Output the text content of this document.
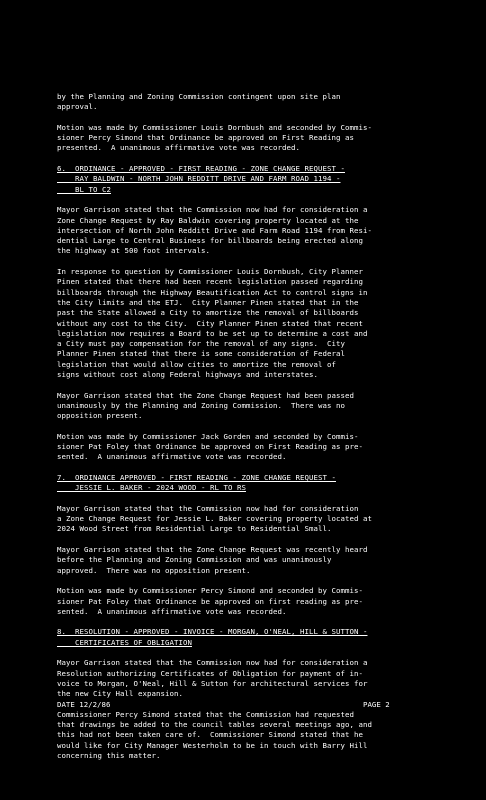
by the Planning and Zoning Commission contingent upon site plan
approval.
Motion was made by Commissioner Louis Dornbush and seconded by Commis-
sioner Percy Simond that Ordinance be approved on First Reading as
presented.  A unanimous affirmative vote was recorded.
6.  ORDINANCE - APPROVED - FIRST READING - ZONE CHANGE REQUEST -
RAY BALDWIN - NORTH JOHN REDDITT DRIVE AND FARM ROAD 1194 -
BL TO C2
Mayor Garrison stated that the Commission now had for consideration a
Zone Change Request by Ray Baldwin covering property located at the
intersection of North John Redditt Drive and Farm Road 1194 from Resi-
dential Large to Central Business for billboards being erected along
the highway at 500 foot intervals.
In response to question by Commissioner Louis Dornbush, City Planner
Pinen stated that there had been recent legislation passed regarding
billboards through the Highway Beautification Act to control signs in
the City limits and the ETJ.  City Planner Pinen stated that in the
past the State allowed a City to amortize the removal of billboards
without any cost to the City.  City Planner Pinen stated that recent
legislation now requires a Board to be set up to determine a cost and
a City must pay compensation for the removal of any signs.  City
Planner Pinen stated that there is some consideration of Federal
legislation that would allow cities to amortize the removal of
signs without cost along Federal highways and interstates.
Mayor Garrison stated that the Zone Change Request had been passed
unanimously by the Planning and Zoning Commission.  There was no
opposition present.
Motion was made by Commissioner Jack Gorden and seconded by Commis-
sioner Pat Foley that Ordinance be approved on First Reading as pre-
sented.  A unanimous affirmative vote was recorded.
7.  ORDINANCE APPROVED - FIRST READING - ZONE CHANGE REQUEST -
JESSIE L. BAKER - 2024 WOOD - RL TO RS
Mayor Garrison stated that the Commission now had for consideration
a Zone Change Request for Jessie L. Baker covering property located at
2024 Wood Street from Residential Large to Residential Small.
Mayor Garrison stated that the Zone Change Request was recently heard
before the Planning and Zoning Commission and was unanimously
approved.  There was no opposition present.
Motion was made by Commissioner Percy Simond and seconded by Commis-
sioner Pat Foley that Ordinance be approved on first reading as pre-
sented.  A unanimous affirmative vote was recorded.
8.  RESOLUTION - APPROVED - INVOICE - MORGAN, O'NEAL, HILL & SUTTON -
CERTIFICATES OF OBLIGATION
Mayor Garrison stated that the Commission now had for consideration a
Resolution authorizing Certificates of Obligation for payment of in-
voice to Morgan, O'Neal, Hill & Sutton for architectural services for
the new City Hall expansion.
Commissioner Percy Simond stated that the Commission had requested
that drawings be added to the council tables several meetings ago, and
this had not been taken care of.  Commissioner Simond stated that he
would like for City Manager Westerholm to be in touch with Barry Hill
concerning this matter.
DATE 12/2/86	PAGE 2
